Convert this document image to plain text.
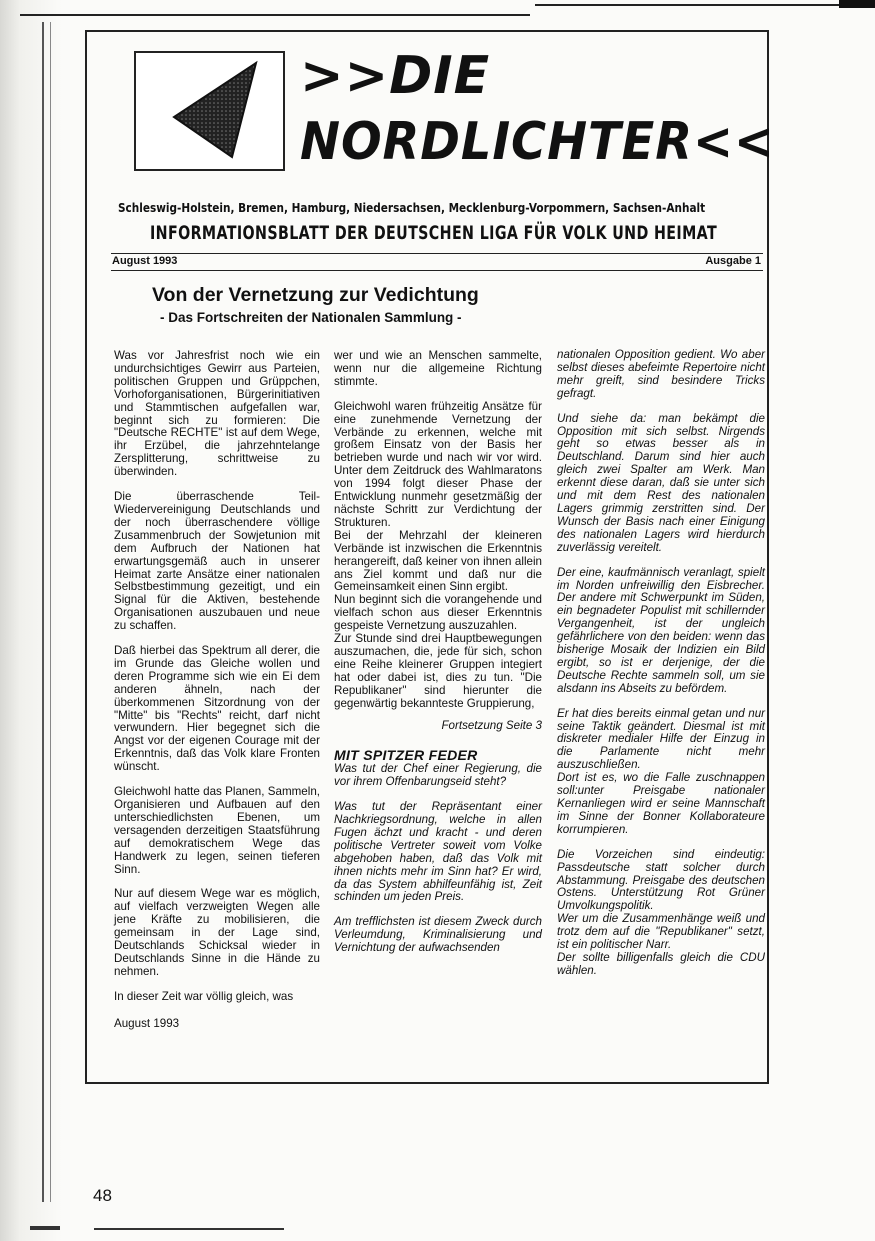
>>DIE
NORDLICHTER<<

Schleswig-Holstein, Bremen, Hamburg, Niedersachsen, Mecklenburg-Vorpommern, Sachsen-Anhalt

INFORMATIONSBLATT DER DEUTSCHEN LIGA FÜR VOLK UND HEIMAT

August 1993	Ausgabe 1
Von der Vernetzung zur Vedichtung

- Das Fortschreiten der Nationalen Sammlung -

Was vor Jahresfrist noch wie ein undurchsichtiges Gewirr aus Parteien, politischen Gruppen und Grüppchen, Vorhoforganisationen, Bürgerinitiativen und Stammtischen aufgefallen war, beginnt sich zu formieren: Die "Deutsche RECHTE" ist auf dem Wege, ihr Erzübel, die jahrzehntelange Zersplitterung, schrittweise zu überwinden.

Die überraschende Teil-Wiedervereinigung Deutschlands und der noch überraschendere völlige Zusammenbruch der Sowjetunion mit dem Aufbruch der Nationen hat erwartungsgemäß auch in unserer Heimat zarte Ansätze einer nationalen Selbstbestimmung gezeitigt, und ein Signal für die Aktiven, bestehende Organisationen auszubauen und neue zu schaffen.

Daß hierbei das Spektrum all derer, die im Grunde das Gleiche wollen und deren Programme sich wie ein Ei dem anderen ähneln, nach der überkommenen Sitzordnung von der "Mitte" bis "Rechts" reicht, darf nicht verwundern. Hier begegnet sich die Angst vor der eigenen Courage mit der Erkenntnis, daß das Volk klare Fronten wünscht.

Gleichwohl hatte das Planen, Sammeln, Organisieren und Aufbauen auf den unterschiedlichsten Ebenen, um versagenden derzeitigen Staatsführung auf demokratischem Wege das Handwerk zu legen, seinen tieferen Sinn.

Nur auf diesem Wege war es möglich, auf vielfach verzweigten Wegen alle jene Kräfte zu mobilisieren, die gemeinsam in der Lage sind, Deutschlands Schicksal wieder in Deutschlands Sinne in die Hände zu nehmen.

In dieser Zeit war völlig gleich, was

August 1993

wer und wie an Menschen sammelte, wenn nur die allgemeine Richtung stimmte.

Gleichwohl waren frühzeitig Ansätze für eine zunehmende Vernetzung der Verbände zu erkennen, welche mit großem Einsatz von der Basis her betrieben wurde und nach wir vor wird. Unter dem Zeitdruck des Wahlmaratons von 1994 folgt dieser Phase der Entwicklung nunmehr gesetzmäßig der nächste Schritt zur Verdichtung der Strukturen.

Bei der Mehrzahl der kleineren Verbände ist inzwischen die Erkenntnis herangereift, daß keiner von ihnen allein ans Ziel kommt und daß nur die Gemeinsamkeit einen Sinn ergibt.

Nun beginnt sich die vorangehende und vielfach schon aus dieser Erkenntnis gespeiste Vernetzung auszuzahlen.

Zur Stunde sind drei Hauptbewegungen auszumachen, die, jede für sich, schon eine Reihe kleinerer Gruppen integiert hat oder dabei ist, dies zu tun. "Die Republikaner" sind hierunter die gegenwärtig bekannteste Gruppierung,

Fortsetzung Seite 3

MIT SPITZER FEDER

Was tut der Chef einer Regierung, die vor ihrem Offenbarungseid steht?

Was tut der Repräsentant einer Nachkriegsordnung, welche in allen Fugen ächzt und kracht - und deren politische Vertreter soweit vom Volke abgehoben haben, daß das Volk mit ihnen nichts mehr im Sinn hat? Er wird, da das System abhilfeunfähig ist, Zeit schinden um jeden Preis.

Am trefflichsten ist diesem Zweck durch Verleumdung, Kriminalisierung und Vernichtung der aufwachsenden

nationalen Opposition gedient. Wo aber selbst dieses abefeimte Repertoire nicht mehr greift, sind besindere Tricks gefragt.

Und siehe da: man bekämpt die Opposition mit sich selbst. Nirgends geht so etwas besser als in Deutschland. Darum sind hier auch gleich zwei Spalter am Werk. Man erkennt diese daran, daß sie unter sich und mit dem Rest des nationalen Lagers grimmig zerstritten sind. Der Wunsch der Basis nach einer Einigung des nationalen Lagers wird hierdurch zuverlässig vereitelt.

Der eine, kaufmännisch veranlagt, spielt im Norden unfreiwillig den Eisbrecher. Der andere mit Schwerpunkt im Süden, ein begnadeter Populist mit schillernder Vergangenheit, ist der ungleich gefährlichere von den beiden: wenn das bisherige Mosaik der Indizien ein Bild ergibt, so ist er derjenige, der die Deutsche Rechte sammeln soll, um sie alsdann ins Abseits zu befördem.

Er hat dies bereits einmal getan und nur seine Taktik geändert. Diesmal ist mit diskreter medialer Hilfe der Einzug in die Parlamente nicht mehr auszuschließen.

Dort ist es, wo die Falle zuschnappen soll:unter Preisgabe nationaler Kernanliegen wird er seine Mannschaft im Sinne der Bonner Kollaborateure korrumpieren.

Die Vorzeichen sind eindeutig: Passdeutsche statt solcher durch Abstammung. Preisgabe des deutschen Ostens. Unterstützung Rot Grüner Umvolkungspolitik.

Wer um die Zusammenhänge weiß und trotz dem auf die "Republikaner" setzt, ist ein politischer Narr.

Der sollte billigenfalls gleich die CDU wählen.

48
